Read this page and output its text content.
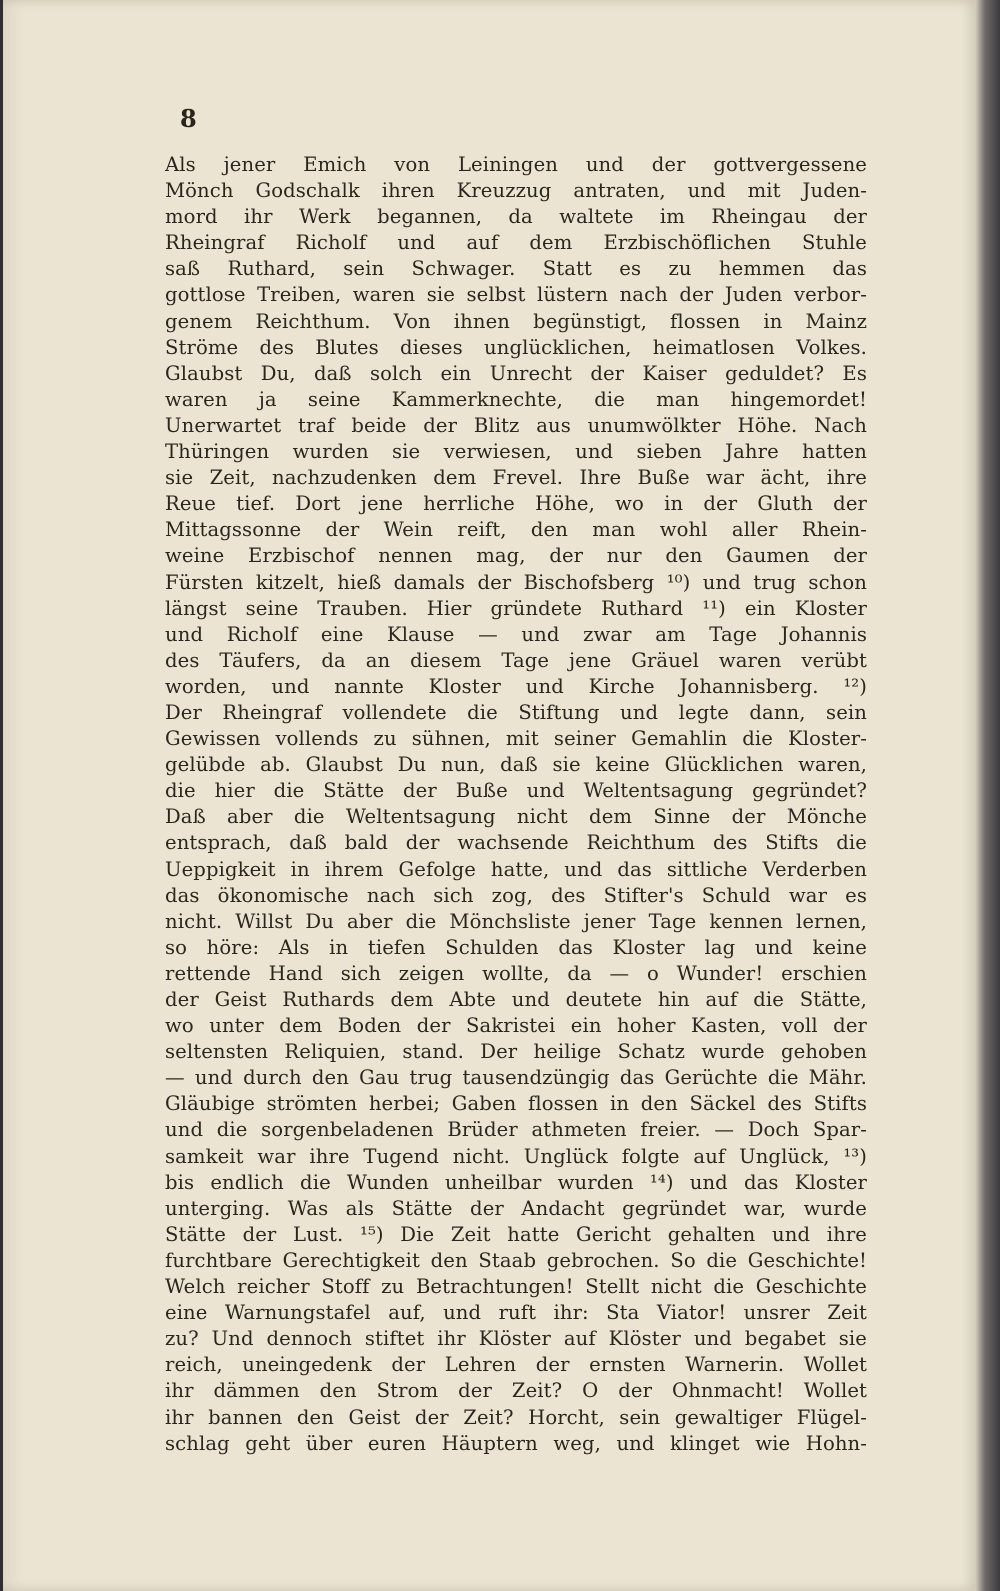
8
Als jener Emich von Leiningen und der gottvergessene
Mönch Godschalk ihren Kreuzzug antraten, und mit Juden-
mord ihr Werk begannen, da waltete im Rheingau der
Rheingraf Richolf und auf dem Erzbischöflichen Stuhle
saß Ruthard, sein Schwager. Statt es zu hemmen das
gottlose Treiben, waren sie selbst lüstern nach der Juden verbor-
genem Reichthum. Von ihnen begünstigt, flossen in Mainz
Ströme des Blutes dieses unglücklichen, heimatlosen Volkes.
Glaubst Du, daß solch ein Unrecht der Kaiser geduldet? Es
waren ja seine Kammerknechte, die man hingemordet!
Unerwartet traf beide der Blitz aus unumwölkter Höhe. Nach
Thüringen wurden sie verwiesen, und sieben Jahre hatten
sie Zeit, nachzudenken dem Frevel. Ihre Buße war ächt, ihre
Reue tief. Dort jene herrliche Höhe, wo in der Gluth der
Mittagssonne der Wein reift, den man wohl aller Rhein-
weine Erzbischof nennen mag, der nur den Gaumen der
Fürsten kitzelt, hieß damals der Bischofsberg ¹⁰) und trug schon
längst seine Trauben. Hier gründete Ruthard ¹¹) ein Kloster
und Richolf eine Klause — und zwar am Tage Johannis
des Täufers, da an diesem Tage jene Gräuel waren verübt
worden, und nannte Kloster und Kirche Johannisberg. ¹²)
Der Rheingraf vollendete die Stiftung und legte dann, sein
Gewissen vollends zu sühnen, mit seiner Gemahlin die Kloster-
gelübde ab. Glaubst Du nun, daß sie keine Glücklichen waren,
die hier die Stätte der Buße und Weltentsagung gegründet?
Daß aber die Weltentsagung nicht dem Sinne der Mönche
entsprach, daß bald der wachsende Reichthum des Stifts die
Ueppigkeit in ihrem Gefolge hatte, und das sittliche Verderben
das ökonomische nach sich zog, des Stifter's Schuld war es
nicht. Willst Du aber die Mönchsliste jener Tage kennen lernen,
so höre: Als in tiefen Schulden das Kloster lag und keine
rettende Hand sich zeigen wollte, da — o Wunder! erschien
der Geist Ruthards dem Abte und deutete hin auf die Stätte,
wo unter dem Boden der Sakristei ein hoher Kasten, voll der
seltensten Reliquien, stand. Der heilige Schatz wurde gehoben
— und durch den Gau trug tausendzüngig das Gerüchte die Mähr.
Gläubige strömten herbei; Gaben flossen in den Säckel des Stifts
und die sorgenbeladenen Brüder athmeten freier. — Doch Spar-
samkeit war ihre Tugend nicht. Unglück folgte auf Unglück, ¹³)
bis endlich die Wunden unheilbar wurden ¹⁴) und das Kloster
unterging. Was als Stätte der Andacht gegründet war, wurde
Stätte der Lust. ¹⁵) Die Zeit hatte Gericht gehalten und ihre
furchtbare Gerechtigkeit den Staab gebrochen. So die Geschichte!
Welch reicher Stoff zu Betrachtungen! Stellt nicht die Geschichte
eine Warnungstafel auf, und ruft ihr: Sta Viator! unsrer Zeit
zu? Und dennoch stiftet ihr Klöster auf Klöster und begabet sie
reich, uneingedenk der Lehren der ernsten Warnerin. Wollet
ihr dämmen den Strom der Zeit? O der Ohnmacht! Wollet
ihr bannen den Geist der Zeit? Horcht, sein gewaltiger Flügel-
schlag geht über euren Häuptern weg, und klinget wie Hohn-
